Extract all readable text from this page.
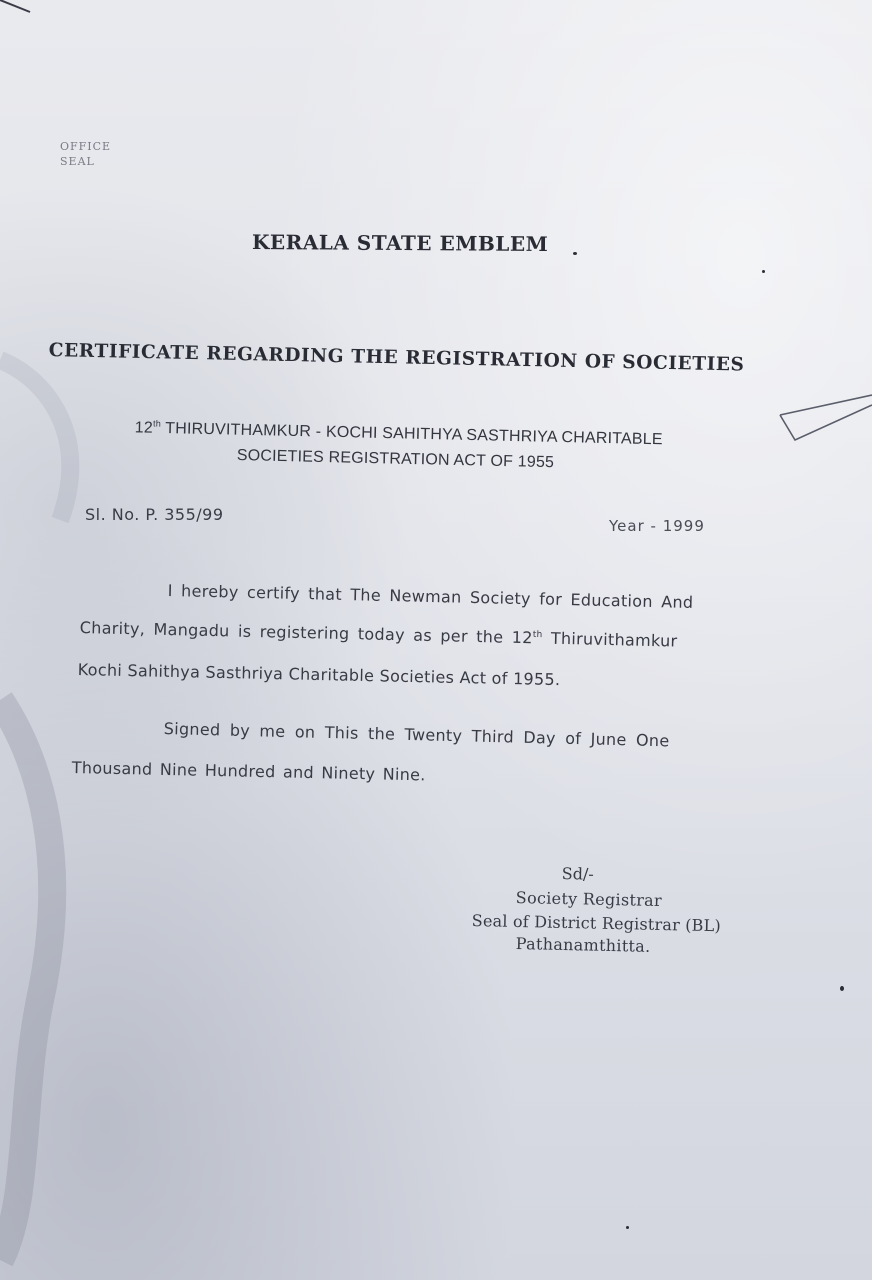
OFFICE
SEAL
KERALA STATE EMBLEM
CERTIFICATE REGARDING THE REGISTRATION OF SOCIETIES
12th THIRUVITHAMKUR - KOCHI SAHITHYA SASTHRIYA CHARITABLE
SOCIETIES REGISTRATION ACT OF 1955
Sl. No. P. 355/99
Year - 1999
I hereby certify that The Newman Society for Education And
Charity, Mangadu is registering today as per the 12th Thiruvithamkur
Kochi Sahithya Sasthriya Charitable Societies Act of 1955.
Signed by me on This the Twenty Third Day of June One
Thousand Nine Hundred and Ninety Nine.
Sd/-
Society Registrar
Seal of District Registrar (BL)
Pathanamthitta.
